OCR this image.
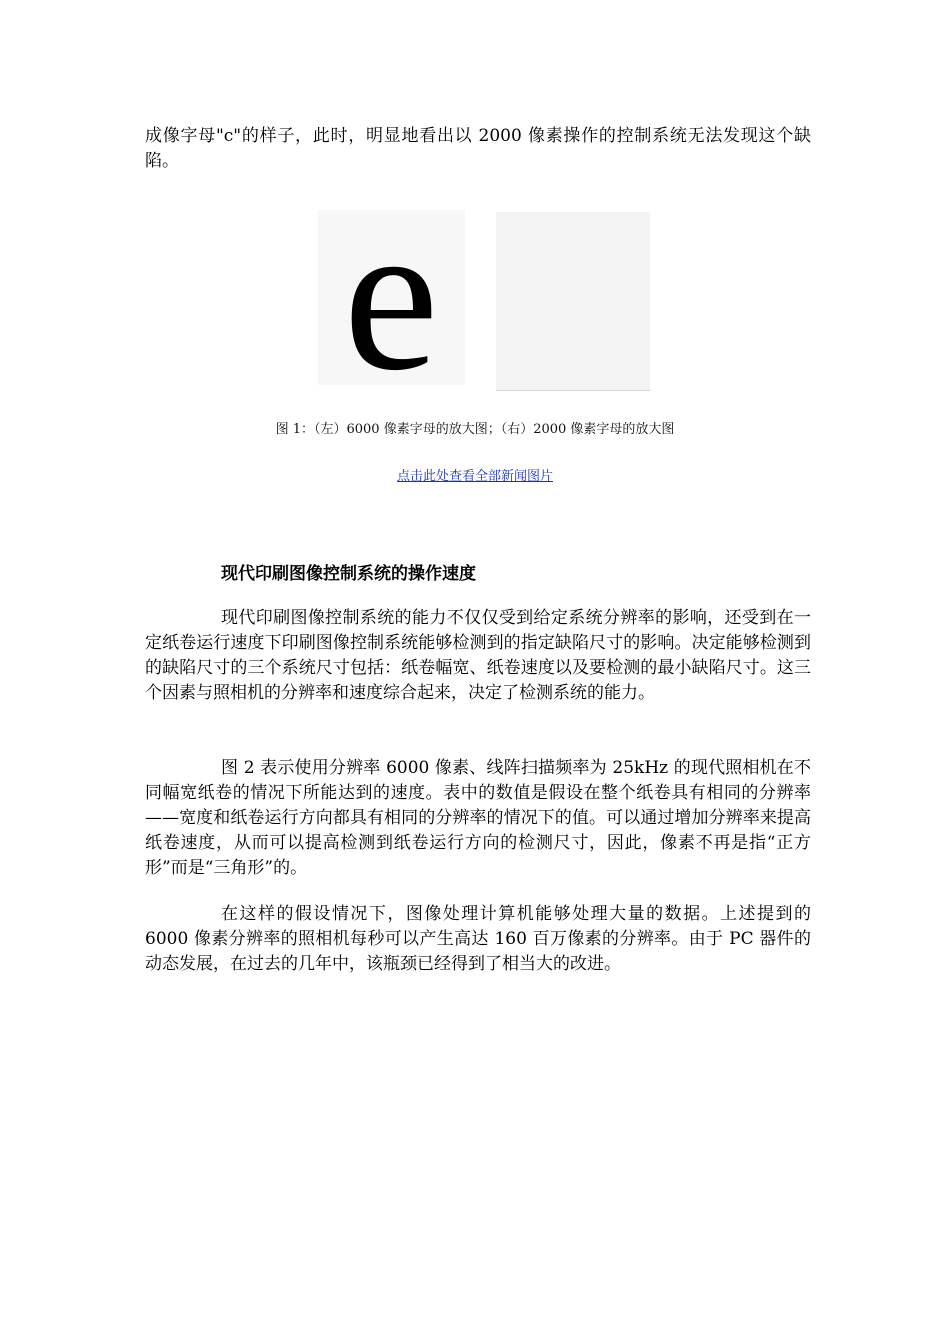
成像字母"c"的样子，此时，明显地看出以 2000 像素操作的控制系统无法发现这个缺陷。

e e
图 1：（左）6000 像素字母的放大图；（右）2000 像素字母的放大图
点击此处查看全部新闻图片
现代印刷图像控制系统的操作速度

现代印刷图像控制系统的能力不仅仅受到给定系统分辨率的影响，还受到在一定纸卷运行速度下印刷图像控制系统能够检测到的指定缺陷尺寸的影响。决定能够检测到的缺陷尺寸的三个系统尺寸包括：纸卷幅宽、纸卷速度以及要检测的最小缺陷尺寸。这三个因素与照相机的分辨率和速度综合起来，决定了检测系统的能力。

图 2 表示使用分辨率 6000 像素、线阵扫描频率为 25kHz 的现代照相机在不同幅宽纸卷的情况下所能达到的速度。表中的数值是假设在整个纸卷具有相同的分辨率——宽度和纸卷运行方向都具有相同的分辨率的情况下的值。可以通过增加分辨率来提高纸卷速度，从而可以提高检测到纸卷运行方向的检测尺寸，因此，像素不再是指“正方形”而是“三角形”的。

在这样的假设情况下，图像处理计算机能够处理大量的数据。上述提到的 6000 像素分辨率的照相机每秒可以产生高达 160 百万像素的分辨率。由于 PC 器件的动态发展，在过去的几年中，该瓶颈已经得到了相当大的改进。
